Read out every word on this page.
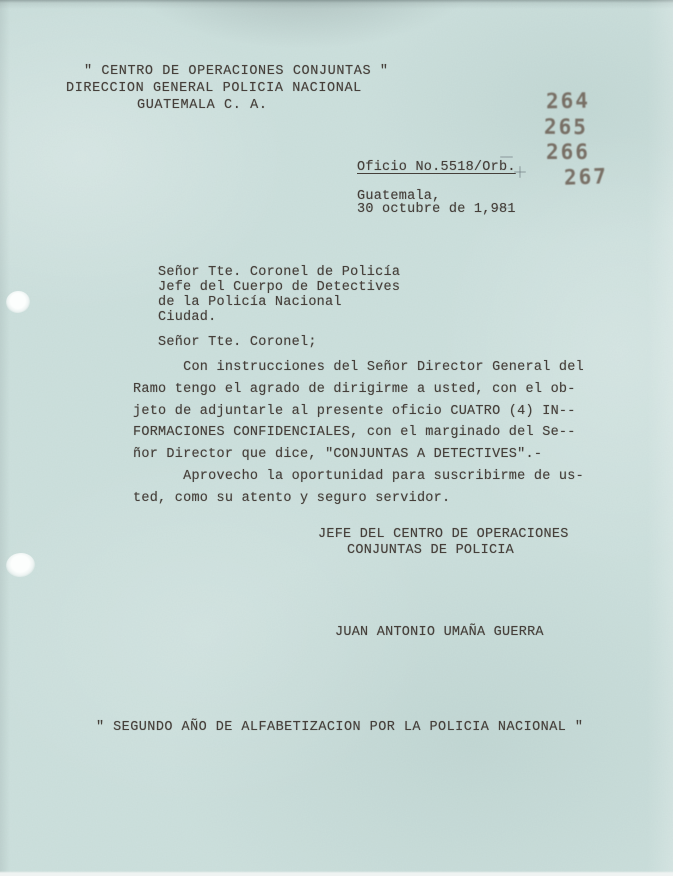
" CENTRO DE OPERACIONES CONJUNTAS "
DIRECCION GENERAL POLICIA NACIONAL
GUATEMALA C. A.	264
265
266
267
Oficio No.5518/Orb.
Guatemala,
30 octubre de 1,981
Señor Tte. Coronel de Policía
Jefe del Cuerpo de Detectives
de la Policía Nacional
Ciudad.
Señor Tte. Coronel;
Con instrucciones del Señor Director General del
Ramo tengo el agrado de dirigirme a usted, con el ob-
jeto de adjuntarle al presente oficio CUATRO (4) IN--
FORMACIONES CONFIDENCIALES, con el marginado del Se--
ñor Director que dice, "CONJUNTAS A DETECTIVES".-
Aprovecho la oportunidad para suscribirme de us-
ted, como su atento y seguro servidor.
JEFE DEL CENTRO DE OPERACIONES
CONJUNTAS DE POLICIA
JUAN ANTONIO UMAÑA GUERRA
" SEGUNDO AÑO DE ALFABETIZACION POR LA POLICIA NACIONAL "
